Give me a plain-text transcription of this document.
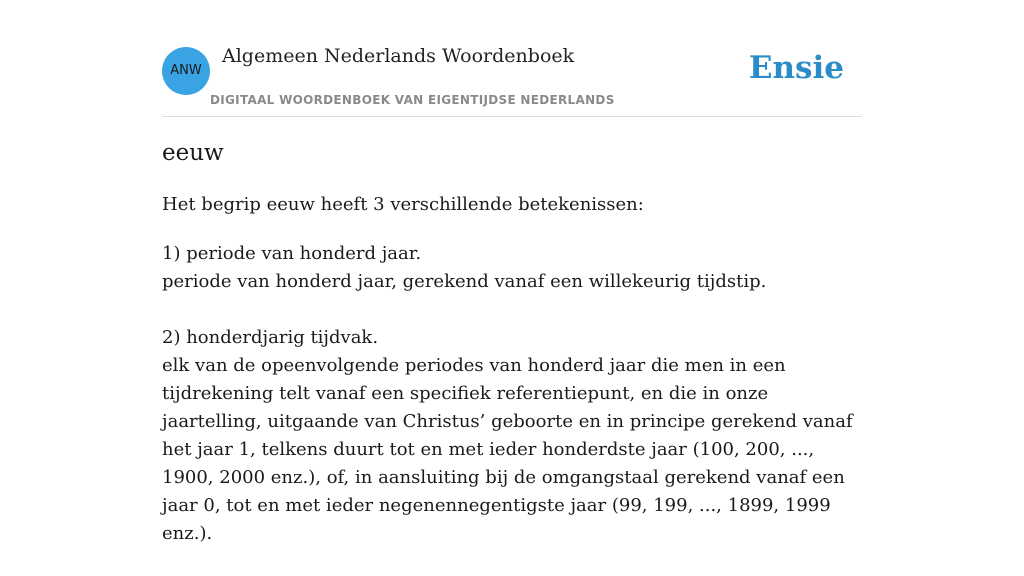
ANW
Algemeen Nederlands Woordenboek
DIGITAAL WOORDENBOEK VAN EIGENTIJDSE NEDERLANDS
Ensie
eeuw
Het begrip eeuw heeft 3 verschillende betekenissen:

1) periode van honderd jaar.

periode van honderd jaar, gerekend vanaf een willekeurig tijdstip.

2) honderdjarig tijdvak.

elk van de opeenvolgende periodes van honderd jaar die men in een tijdrekening telt vanaf een specifiek referentiepunt, en die in onze jaartelling, uitgaande van Christus’ geboorte en in principe gerekend vanaf het jaar 1, telkens duurt tot en met ieder honderdste jaar (100, 200, ..., 1900, 2000 enz.), of, in aansluiting bij de omgangstaal gerekend vanaf een jaar 0, tot en met ieder negenennegentigste jaar (99, 199, ..., 1899, 1999 enz.).
